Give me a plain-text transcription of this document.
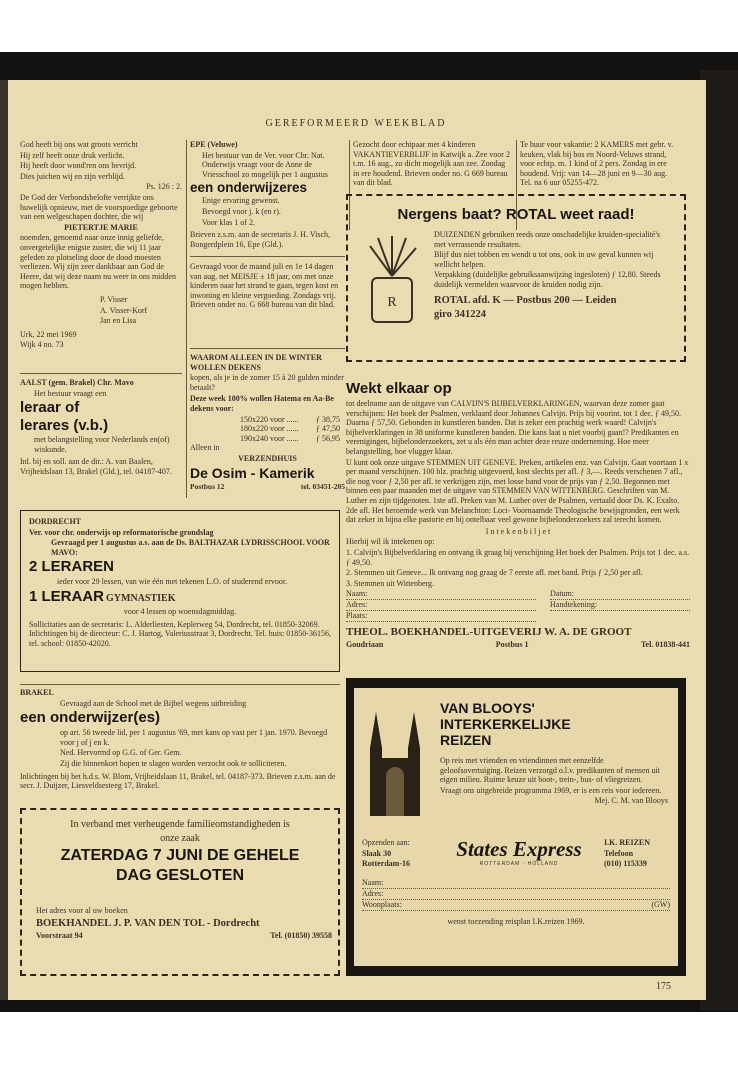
GEREFORMEERD WEEKBLAD

God heeft bij ons wat groots verricht

Hij zelf heeft onze druk verlicht.

Hij heeft door wond'ren ons bevrijd.

Dies juichen wij en zijn verblijd.

Ps. 126 : 2.

De God der Verbondsbelofte verrijkte ons huwelijk opnieuw, met de voorspoedige geboorte van een welgeschapen dochter, die wij

PIETERTJE MARIE

noemden, genoemd naar onze innig geliefde, onvergetelijke enigste zuster, die wij 11 jaar geleden zo plotseling door de dood moesten verliezen. Wij zijn zeer dankbaar aan God de Heere, dat wij deze naam nu weer in ons midden mogen hebben.

P. Visser

A. Visser-Korf

Jan en Lisa

Urk, 22 mei 1969

Wijk 4 no. 73

AALST (gem. Brakel) Chr. Mavo

Het bestuur vraagt een

leraar of

lerares (v.b.)

met belangstelling voor Nederlands en(of) wiskunde.

Inl. bij en soll. aan de dir.: A. van Baalen, Vrijheidslaan 13, Brakel (Gld.), tel. 04187-407.

EPE (Veluwe)

Het bestuur van de Ver. voor Chr. Nat. Onderwijs vraagt voor de Anne de Vriesschool zo mogelijk per 1 augustus

een onderwijzeres

Enige ervaring gewenst.

Bevoegd voor j. k (en r).

Voor klas 1 of 2.

Brieven z.s.m. aan de secretaris J. H. Visch, Bongerdplein 16, Epe (Gld.).

Gevraagd voor de maand juli en 1e 14 dagen van aug. net MEISJE ± 18 jaar, om met onze kinderen naar het strand te gaan, tegen kost en inwoning en kleine vergoeding. Zondags vrij. Brieven onder no. G 668 bureau van dit blad.

WAAROM ALLEEN IN DE WINTER WOLLEN DEKENS

kopen, als je in de zomer 15 à 20 gulden minder betaalt?

Deze week 100% wollen Hatema en Aa-Be dekens voor:

150x220 voor ...... ƒ 38,75
180x220 voor ...... ƒ 47,50
190x240 voor ...... ƒ 56,95

Alleen in

VERZENDHUIS

De Osim - Kamerik

Postbus 12	tel. 03451-205

Gezocht door echtpaar met 4 kinderen VAKANTIEVERBLIJF in Katwijk a. Zee voor 2 t.m. 16 aug., zo dicht mogelijk aan zee. Zondag in ere houdend. Brieven onder no. G 669 bureau van dit blad.

Te huur voor vakantie: 2 KAMERS met gebr. v. keuken, vlak bij bos en Noord-Veluws strand, voor echtp. m. 1 kind of 2 pers. Zondag in ere houdend. Vrij: van 14—28 juni en 9—30 aug. Tel. na 6 uur 05255-472.

Nergens baat? ROTAL weet raad!
R

DUIZENDEN gebruiken reeds onze onschadelijke kruiden-specialité's met verrassende resultaten.

Blijf dus niet tobben en wendt u tot ons, ook in uw geval kunnen wij wellicht helpen.

Verpakking (duidelijke gebruiksaanwijzing ingesloten) ƒ 12,80. Steeds duidelijk vermelden waarvoor de kruiden nodig zijn.

ROTAL afd. K — Postbus 200 — Leiden

giro 341224

Wekt elkaar op

tot deelname aan de uitgave van CALVIJN'S BIJBELVERKLARINGEN, waarvan deze zomer gaat verschijnen: Het boek der Psalmen, verklaard door Johannes Calvijn. Prijs bij voorint. tot 1 dec. ƒ 49,50. Daarna ƒ 57,50. Gebonden in kunstleren banden. Dat is zeker een prachtig werk waard! Calvijn's bijbelverklaringen in 38 uniforme kunstleren banden. Die kans laat u niet voorbij gaan!? Predikanten en verenigingen, bijbelonderzoekers, zet u als één man achter deze reuze onderneming. Hoe meer belangstelling, hoe vlugger klaar.

U kunt ook onze uitgave STEMMEN UIT GENEVE. Preken, artikelen enz. van Calvijn. Gaat voortaan 1 x per maand verschijnen. 100 blz. prachtig uitgevoerd, kost slechts per afl. ƒ 3,—. Reeds verschenen 7 afl., die nog voor ƒ 2,50 per afl. te verkrijgen zijn, met losse band voor de prijs van ƒ 2,50. Begonnen met binnen een paar maanden met de uitgave van STEMMEN VAN WITTENBERG. Geschriften van M. Luther en zijn tijdgenoten. 1ste afl. Preken van M. Luther over de Psalmen, vertaald door Ds. K. Exalto. 2de afl. Het beroemde werk van Melanchton: Loci- Voornaamde Theologische bewijsgronden, een werk dat zeker in bijna elke pastorie en bij ontelbaar veel gewone bijbelonderzoekers zal terecht komen.

I n t e k e n b i l j e t

Hierbij wil ik intekenen op:

1. Calvijn's Bijbelverklaring en ontvang ik graag bij verschijning Het boek der Psalmen. Prijs tot 1 dec. a.s. ƒ 49,50.

2. Stemmen uit Geneve... Ik ontvang nog graag de 7 eerste afl. met band. Prijs ƒ 2,50 per afl.

3. Stemmen uit Wittenberg.

Naam:	Datum:
Adres:	Handtekening:
Plaats:

THEOL. BOEKHANDEL-UITGEVERIJ W. A. DE GROOT

Goudriaan	Postbus 1	Tel. 01838-441

DORDRECHT

Ver. voor chr. onderwijs op reformatorische grondslag

Gevraagd per 1 augustus a.s. aan de Ds. BALTHAZAR LYDRISSCHOOL VOOR MAVO:

2 LERAREN

ieder voor 29 lessen, van wie één met tekenen L.O. of studerend ervoor.

1 LERAAR GYMNASTIEK

voor 4 lessen op woensdagmiddag.

Sollicitaties aan de secretaris: L. Alderliesten, Keplerweg 54, Dordrecht, tel. 01850-32069. Inlichtingen bij de directeur: C. J. Hartog, Valeriusstraat 3, Dordrecht. Tel. huis: 01850-36156, tel. school: 01850-42020.

BRAKEL

Gevraagd aan de School met de Bijbel wegens uitbreiding

een onderwijzer(es)

op art. 56 tweede lid, per 1 augustus '69, met kans op vast per 1 jan. 1970. Bevoegd voor j of j en k.

Ned. Hervormd op G.G. of Ger. Gem.

Zij die binnenkort hopen te slagen worden verzocht ook te solliciteren.

Inlichtingen bij het h.d.s. W. Blom, Vrijheidslaan 11, Brakel, tel. 04187-373. Brieven z.s.m. aan de secr. J. Duijzer, Liesveldsesteeg 17, Brakel.

In verband met verheugende familieomstandigheden is

onze zaak

ZATERDAG 7 JUNI DE GEHELE

DAG GESLOTEN

Het adres voor al uw boeken

BOEKHANDEL J. P. VAN DEN TOL - Dordrecht

Voorstraat 94	Tel. (01850) 39558
VAN BLOOYS'
INTERKERKELIJKE
REIZEN

Op reis met vrienden en vriendinnen met eenzelfde geloofsovertuiging. Reizen verzorgd o.l.v. predikanten of mensen uit eigen milieu. Ruime keuze uit boot-, trein-, bus- of vliegreizen.

Vraagt ons uitgebreide programma 1969, er is een reis voor iedereen.

Mej. C. M. van Blooys

Opzenden aan:

Slaak 30

Rotterdam-16

States Express
ROTTERDAM · HOLLAND

I.K. REIZEN

Telefoon

(010) 115339

Naam:
Adres:
Woonplaats:	(GW)

wenst toezending reisplan I.K.reizen 1969.

175
